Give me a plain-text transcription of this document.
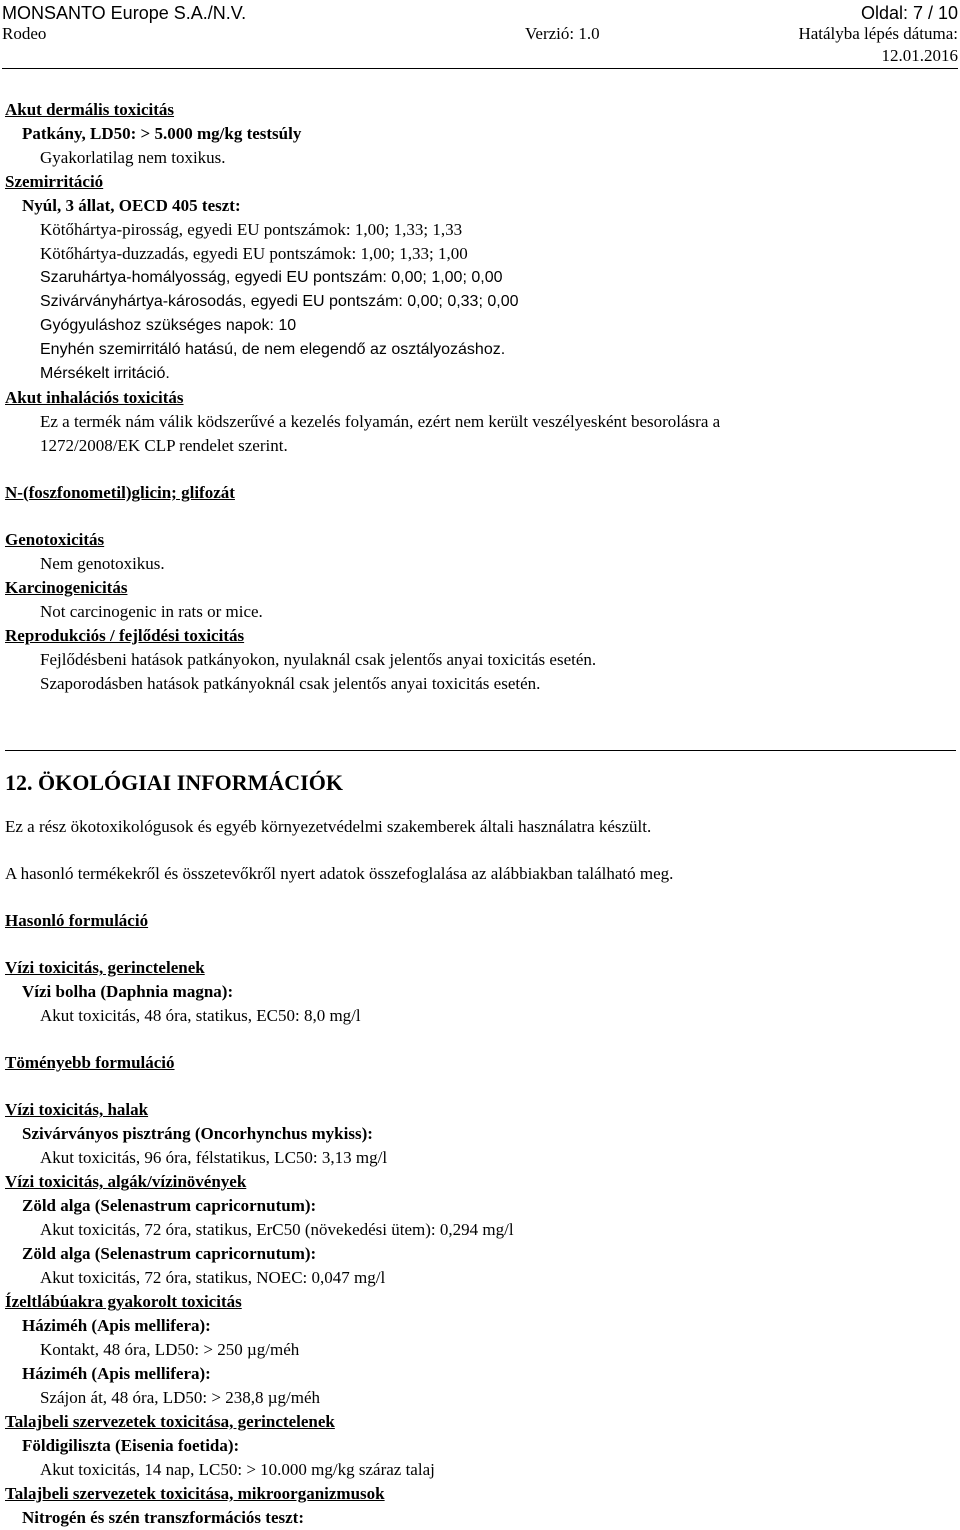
MONSANTO Europe S.A./N.V.	Oldal: 7 / 10
Rodeo	Verzió: 1.0	Hatályba lépés dátuma:
12.01.2016
Akut dermális toxicitás
Patkány, LD50: > 5.000 mg/kg testsúly
Gyakorlatilag nem toxikus.
Szemirritáció
Nyúl, 3 állat, OECD 405 teszt:
Kötőhártya-pirosság, egyedi EU pontszámok: 1,00; 1,33; 1,33
Kötőhártya-duzzadás, egyedi EU pontszámok: 1,00; 1,33; 1,00
Szaruhártya-homályosság, egyedi EU pontszám: 0,00; 1,00; 0,00
Szivárványhártya-károsodás, egyedi EU pontszám: 0,00; 0,33; 0,00
Gyógyuláshoz szükséges napok: 10
Enyhén szemirritáló hatású, de nem elegendő az osztályozáshoz.
Mérsékelt irritáció.
Akut inhalációs toxicitás
Ez a termék nám válik ködszerűvé a kezelés folyamán, ezért nem került veszélyesként besorolásra a
1272/2008/EK CLP rendelet szerint.
N-(foszfonometil)glicin; glifozát
Genotoxicitás
Nem genotoxikus.
Karcinogenicitás
Not carcinogenic in rats or mice.
Reprodukciós / fejlődési toxicitás
Fejlődésbeni hatások patkányokon, nyulaknál csak jelentős anyai toxicitás esetén.
Szaporodásben hatások patkányoknál csak jelentős anyai toxicitás esetén.
12. ÖKOLÓGIAI INFORMÁCIÓK
Ez a rész ökotoxikológusok és egyéb környezetvédelmi szakemberek általi használatra készült.
A hasonló termékekről és összetevőkről nyert adatok összefoglalása az alábbiakban található meg.
Hasonló formuláció
Vízi toxicitás, gerinctelenek
Vízi bolha (Daphnia magna):
Akut toxicitás, 48 óra, statikus, EC50: 8,0 mg/l
Töményebb formuláció
Vízi toxicitás, halak
Szivárványos pisztráng (Oncorhynchus mykiss):
Akut toxicitás, 96 óra, félstatikus, LC50: 3,13 mg/l
Vízi toxicitás, algák/vízinövények
Zöld alga (Selenastrum capricornutum):
Akut toxicitás, 72 óra, statikus, ErC50 (növekedési ütem): 0,294 mg/l
Zöld alga (Selenastrum capricornutum):
Akut toxicitás, 72 óra, statikus, NOEC: 0,047 mg/l
Ízeltlábúakra gyakorolt toxicitás
Háziméh (Apis mellifera):
Kontakt, 48 óra, LD50: > 250 µg/méh
Háziméh (Apis mellifera):
Szájon át, 48 óra, LD50: > 238,8 µg/méh
Talajbeli szervezetek toxicitása, gerinctelenek
Földigiliszta (Eisenia foetida):
Akut toxicitás, 14 nap, LC50: > 10.000 mg/kg száraz talaj
Talajbeli szervezetek toxicitása, mikroorganizmusok
Nitrogén és szén transzformációs teszt:
